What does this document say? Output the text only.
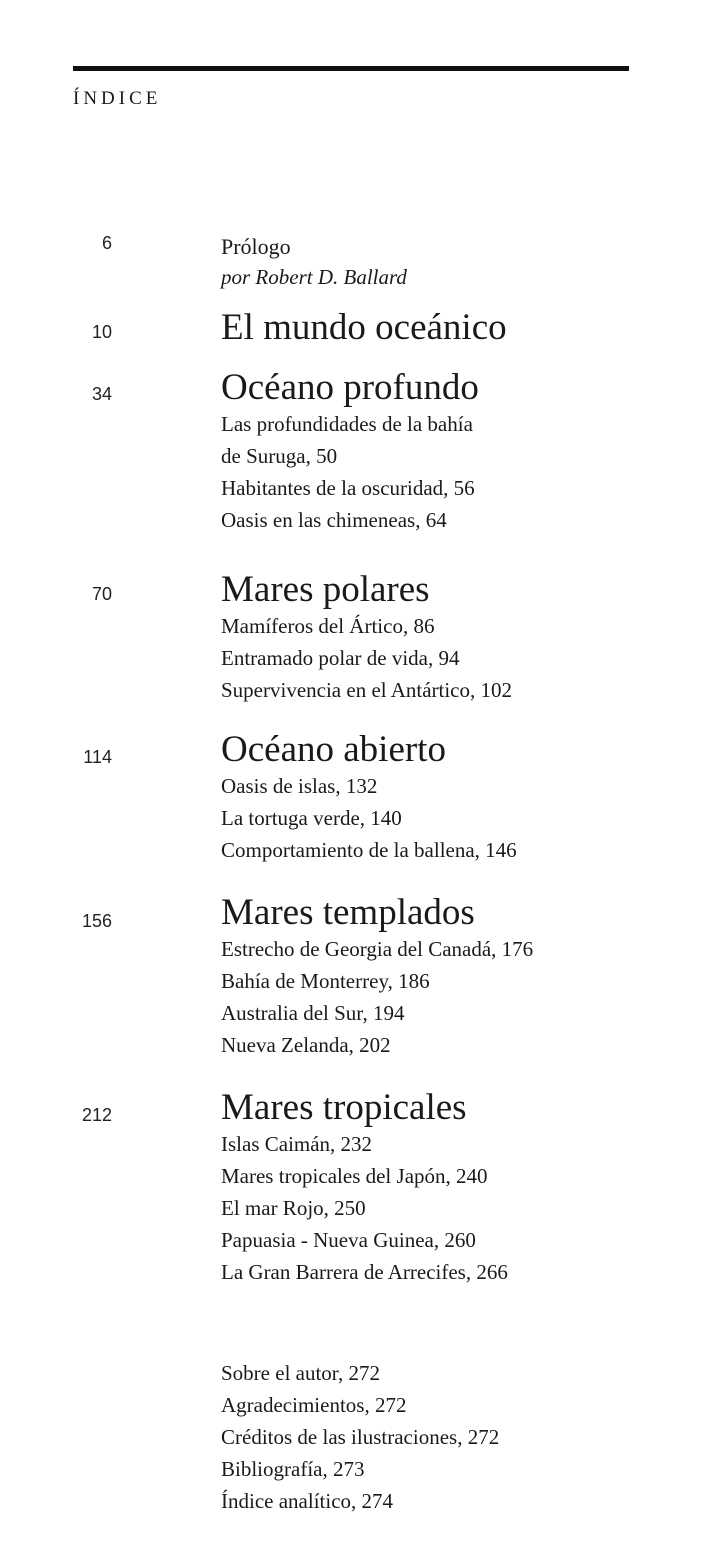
ÍNDICE
6	Prólogo
por Robert D. Ballard
10	El mundo oceánico
34	Océano profundo
Las profundidades de la bahía
de Suruga, 50
Habitantes de la oscuridad, 56
Oasis en las chimeneas, 64
70	Mares polares
Mamíferos del Ártico, 86
Entramado polar de vida, 94
Supervivencia en el Antártico, 102
114	Océano abierto
Oasis de islas, 132
La tortuga verde, 140
Comportamiento de la ballena, 146
156	Mares templados
Estrecho de Georgia del Canadá, 176
Bahía de Monterrey, 186
Australia del Sur, 194
Nueva Zelanda, 202
212	Mares tropicales
Islas Caimán, 232
Mares tropicales del Japón, 240
El mar Rojo, 250
Papuasia - Nueva Guinea, 260
La Gran Barrera de Arrecifes, 266
Sobre el autor, 272
Agradecimientos, 272
Créditos de las ilustraciones, 272
Bibliografía, 273
Índice analítico, 274
